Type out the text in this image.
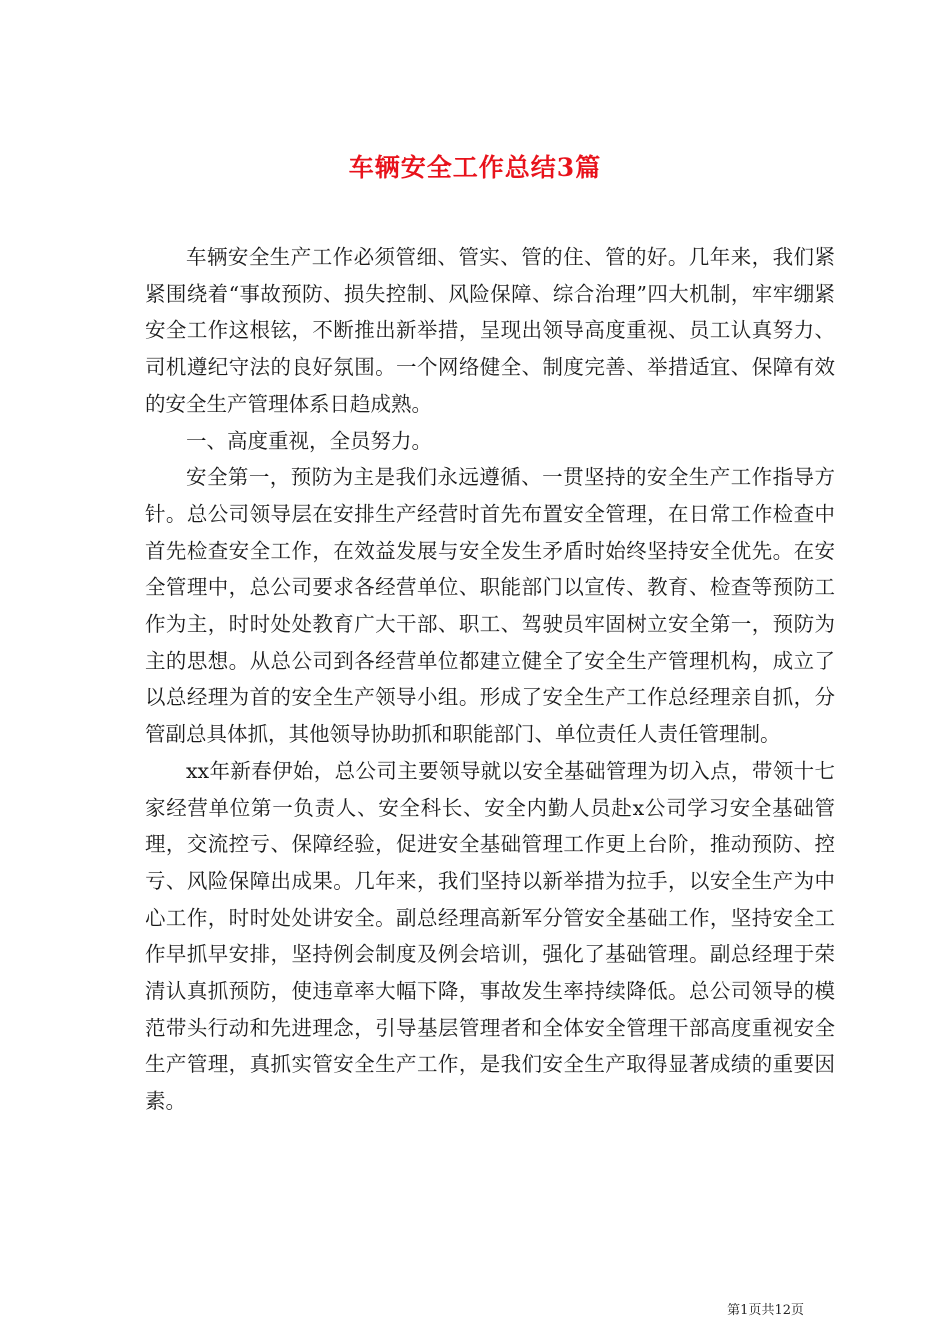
车辆安全工作总结3篇

车辆安全生产工作必须管细、管实、管的住、管的好。几年来，我们紧紧围绕着“事故预防、损失控制、风险保障、综合治理”四大机制，牢牢绷紧安全工作这根铉，不断推出新举措，呈现出领导高度重视、员工认真努力、司机遵纪守法的良好氛围。一个网络健全、制度完善、举措适宜、保障有效的安全生产管理体系日趋成熟。

一、高度重视，全员努力。

安全第一，预防为主是我们永远遵循、一贯坚持的安全生产工作指导方针。总公司领导层在安排生产经营时首先布置安全管理，在日常工作检查中首先检查安全工作，在效益发展与安全发生矛盾时始终坚持安全优先。在安全管理中，总公司要求各经营单位、职能部门以宣传、教育、检查等预防工作为主，时时处处教育广大干部、职工、驾驶员牢固树立安全第一，预防为主的思想。从总公司到各经营单位都建立健全了安全生产管理机构，成立了以总经理为首的安全生产领导小组。形成了安全生产工作总经理亲自抓，分管副总具体抓，其他领导协助抓和职能部门、单位责任人责任管理制。

xx年新春伊始，总公司主要领导就以安全基础管理为切入点，带领十七家经营单位第一负责人、安全科长、安全内勤人员赴x公司学习安全基础管理，交流控亏、保障经验，促进安全基础管理工作更上台阶，推动预防、控亏、风险保障出成果。几年来，我们坚持以新举措为拉手，以安全生产为中心工作，时时处处讲安全。副总经理高新军分管安全基础工作，坚持安全工作早抓早安排，坚持例会制度及例会培训，强化了基础管理。副总经理于荣清认真抓预防，使违章率大幅下降，事故发生率持续降低。总公司领导的模范带头行动和先进理念，引导基层管理者和全体安全管理干部高度重视安全生产管理，真抓实管安全生产工作，是我们安全生产取得显著成绩的重要因素。

第1页共12页
